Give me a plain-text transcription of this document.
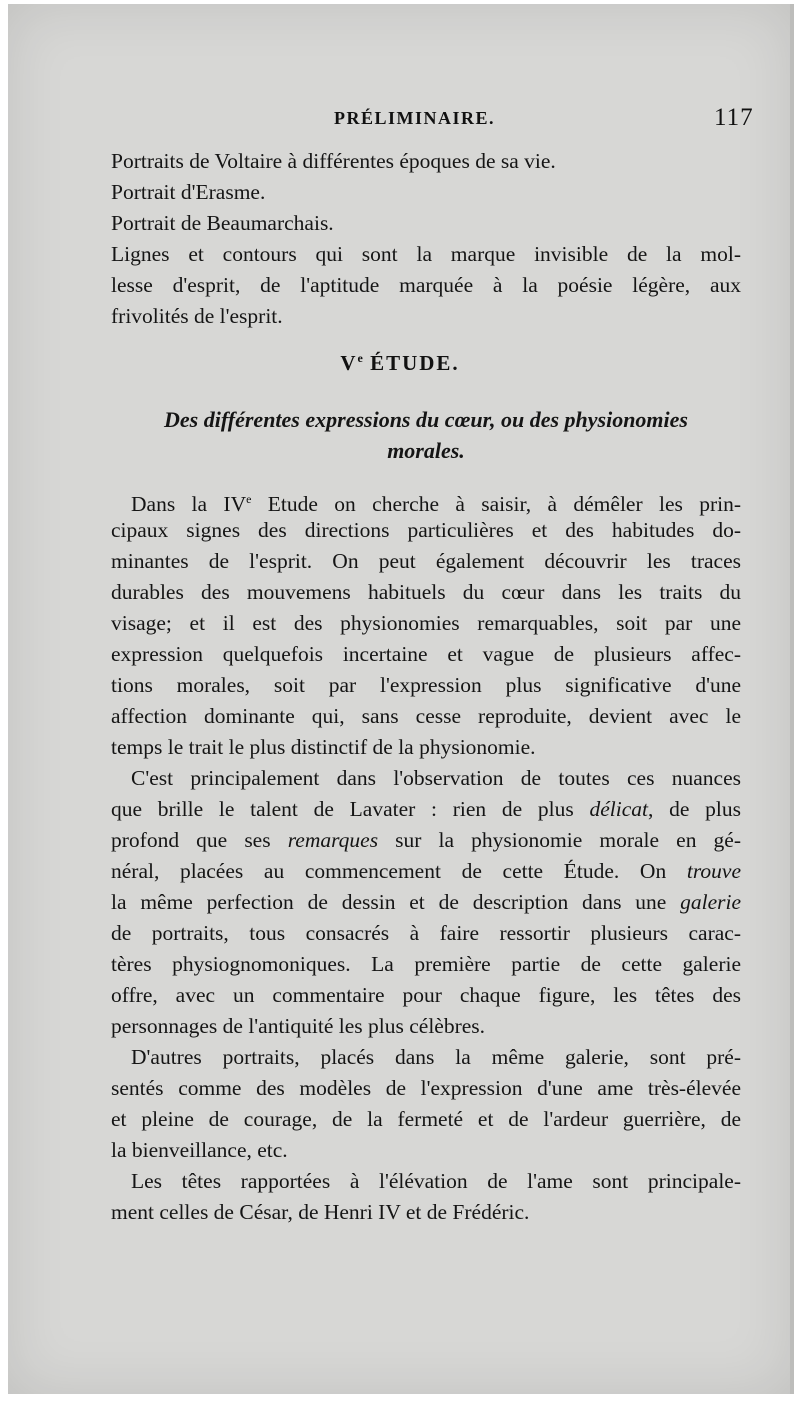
PRÉLIMINAIRE.	117
Portraits de Voltaire à différentes époques de sa vie.
Portrait d'Erasme.
Portrait de Beaumarchais.
Lignes et contours qui sont la marque invisible de la mol-
lesse d'esprit, de l'aptitude marquée à la poésie légère, aux
frivolités de l'esprit.
Ve ÉTUDE.
Des différentes expressions du cœur, ou des physionomies
morales.
Dans la IVe Etude on cherche à saisir, à démêler les prin-
cipaux signes des directions particulières et des habitudes do-
minantes de l'esprit. On peut également découvrir les traces
durables des mouvemens habituels du cœur dans les traits du
visage; et il est des physionomies remarquables, soit par une
expression quelquefois incertaine et vague de plusieurs affec-
tions morales, soit par l'expression plus significative d'une
affection dominante qui, sans cesse reproduite, devient avec le
temps le trait le plus distinctif de la physionomie.
C'est principalement dans l'observation de toutes ces nuances
que brille le talent de Lavater : rien de plus délicat, de plus
profond que ses remarques sur la physionomie morale en gé-
néral, placées au commencement de cette Étude. On trouve
la même perfection de dessin et de description dans une galerie
de portraits, tous consacrés à faire ressortir plusieurs carac-
tères physiognomoniques. La première partie de cette galerie
offre, avec un commentaire pour chaque figure, les têtes des
personnages de l'antiquité les plus célèbres.
D'autres portraits, placés dans la même galerie, sont pré-
sentés comme des modèles de l'expression d'une ame très-élevée
et pleine de courage, de la fermeté et de l'ardeur guerrière, de
la bienveillance, etc.
Les têtes rapportées à l'élévation de l'ame sont principale-
ment celles de César, de Henri IV et de Frédéric.
